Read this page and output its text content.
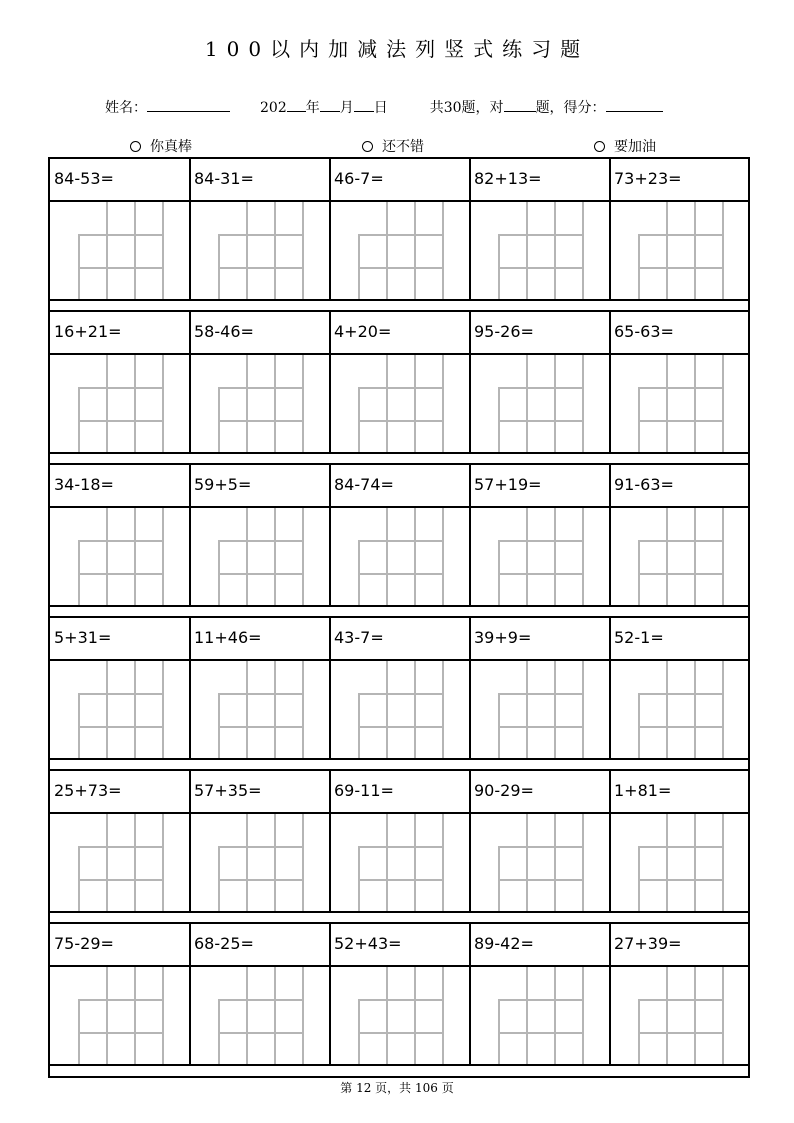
100以内加减法列竖式练习题
姓名：	202 年 月 日	共30题，对 题，得分：
你真棒	还不错	要加油
84-53=	84-31=	46-7=	82+13=	73+23=
16+21=	58-46=	4+20=	95-26=	65-63=
34-18=	59+5=	84-74=	57+19=	91-63=
5+31=	11+46=	43-7=	39+9=	52-1=
25+73=	57+35=	69-11=	90-29=	1+81=
75-29=	68-25=	52+43=	89-42=	27+39=
第 12 页，共 106 页
